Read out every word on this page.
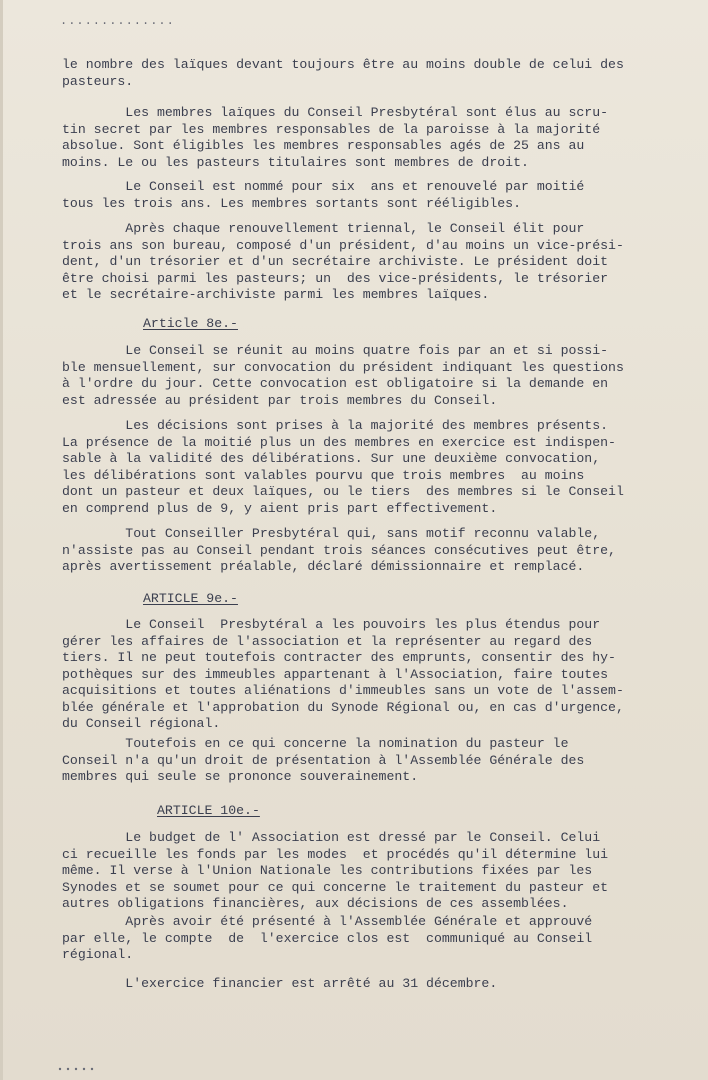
..............

le nombre des laïques devant toujours être au moins double de celui des
pasteurs.

Les membres laïques du Conseil Presbytéral sont élus au scru-
tin secret par les membres responsables de la paroisse à la majorité
absolue. Sont éligibles les membres responsables agés de 25 ans au
moins. Le ou les pasteurs titulaires sont membres de droit.

Le Conseil est nommé pour six  ans et renouvelé par moitié
tous les trois ans. Les membres sortants sont rééligibles.

Après chaque renouvellement triennal, le Conseil élit pour
trois ans son bureau, composé d'un président, d'au moins un vice-prési-
dent, d'un trésorier et d'un secrétaire archiviste. Le président doit
être choisi parmi les pasteurs; un  des vice-présidents, le trésorier
et le secrétaire-archiviste parmi les membres laïques.

Article 8e.-

Le Conseil se réunit au moins quatre fois par an et si possi-
ble mensuellement, sur convocation du président indiquant les questions
à l'ordre du jour. Cette convocation est obligatoire si la demande en
est adressée au président par trois membres du Conseil.

Les décisions sont prises à la majorité des membres présents.
La présence de la moitié plus un des membres en exercice est indispen-
sable à la validité des délibérations. Sur une deuxième convocation,
les délibérations sont valables pourvu que trois membres  au moins
dont un pasteur et deux laïques, ou le tiers  des membres si le Conseil
en comprend plus de 9, y aient pris part effectivement.

Tout Conseiller Presbytéral qui, sans motif reconnu valable,
n'assiste pas au Conseil pendant trois séances consécutives peut être,
après avertissement préalable, déclaré démissionnaire et remplacé.

ARTICLE 9e.-

Le Conseil  Presbytéral a les pouvoirs les plus étendus pour
gérer les affaires de l'association et la représenter au regard des
tiers. Il ne peut toutefois contracter des emprunts, consentir des hy-
pothèques sur des immeubles appartenant à l'Association, faire toutes
acquisitions et toutes aliénations d'immeubles sans un vote de l'assem-
blée générale et l'approbation du Synode Régional ou, en cas d'urgence,
du Conseil régional.

Toutefois en ce qui concerne la nomination du pasteur le
Conseil n'a qu'un droit de présentation à l'Assemblée Générale des
membres qui seule se prononce souverainement.

ARTICLE 10e.-

Le budget de l' Association est dressé par le Conseil. Celui
ci recueille les fonds par les modes  et procédés qu'il détermine lui
même. Il verse à l'Union Nationale les contributions fixées par les
Synodes et se soumet pour ce qui concerne le traitement du pasteur et
autres obligations financières, aux décisions de ces assemblées.

Après avoir été présenté à l'Assemblée Générale et approuvé
par elle, le compte  de  l'exercice clos est  communiqué au Conseil
régional.

L'exercice financier est arrêté au 31 décembre.
